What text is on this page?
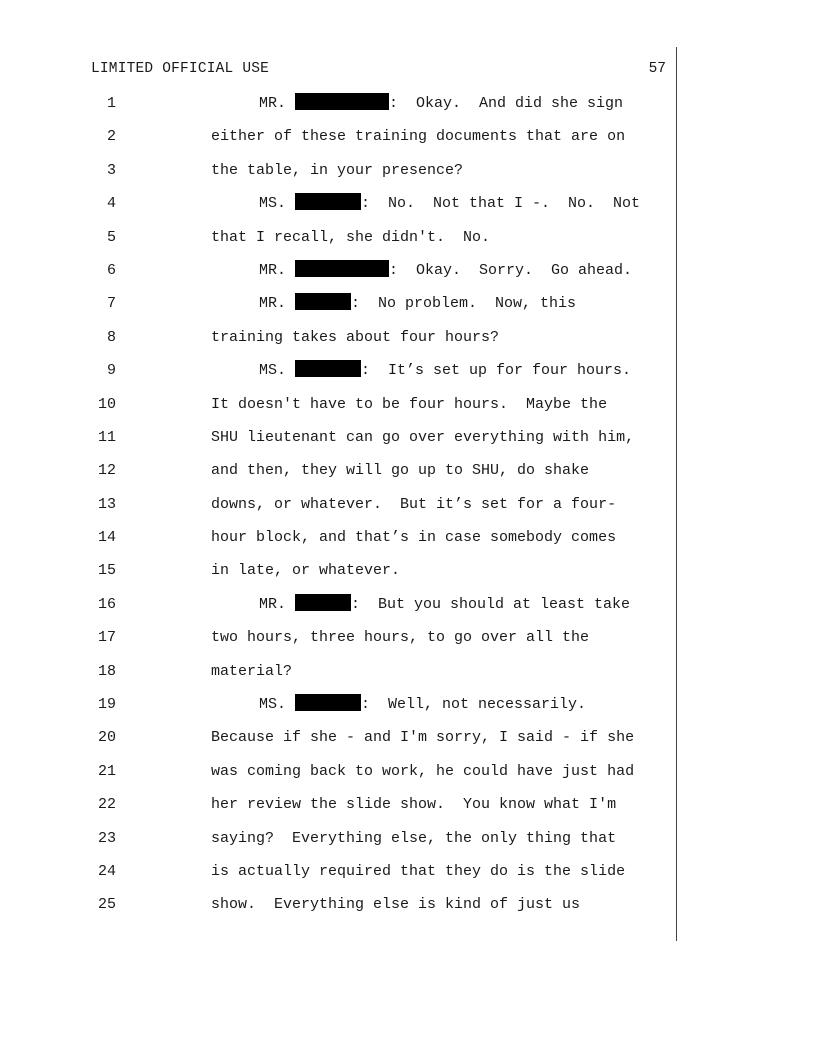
LIMITED OFFICIAL USE	57

1

	MR.	:  Okay.  And did she sign

2

	either of these training documents that are on

3

	the table, in your presence?

4

	MS.	:  No.  Not that I -.  No.  Not

5

	that I recall, she didn't.  No.

6

	MR.	:  Okay.  Sorry.  Go ahead.

7

	MR.	:  No problem.  Now, this

8

	training takes about four hours?

9

	MS.	:  It’s set up for four hours.

10

	It doesn't have to be four hours.  Maybe the

11

	SHU lieutenant can go over everything with him,

12

	and then, they will go up to SHU, do shake

13

	downs, or whatever.  But it’s set for a four-

14

	hour block, and that’s in case somebody comes

15

	in late, or whatever.

16

	MR.	:  But you should at least take

17

	two hours, three hours, to go over all the

18

	material?

19

	MS.	:  Well, not necessarily.

20

	Because if she - and I'm sorry, I said - if she

21

	was coming back to work, he could have just had

22

	her review the slide show.  You know what I'm

23

	saying?  Everything else, the only thing that

24

	is actually required that they do is the slide

25

	show.  Everything else is kind of just us
